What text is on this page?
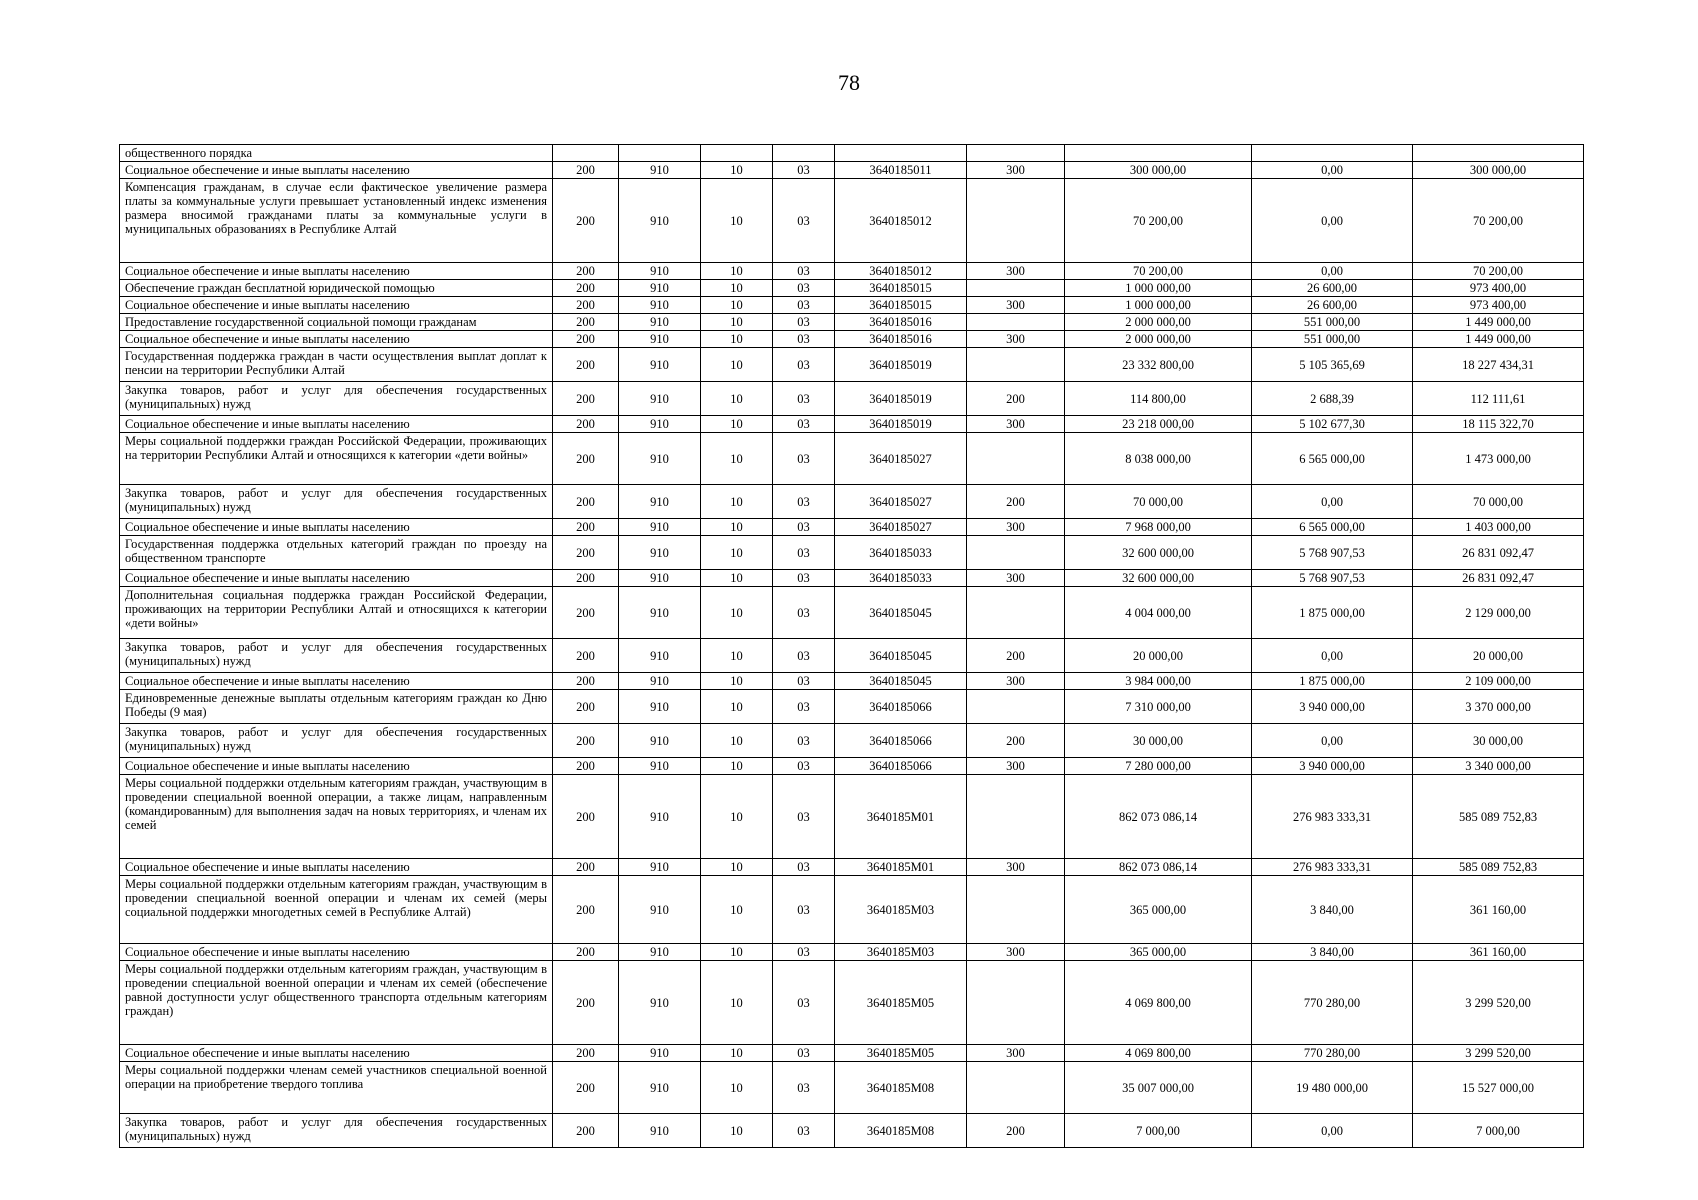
78
общественного порядка									
Социальное обеспечение и иные выплаты населению	200	910	10	03	3640185011	300	300 000,00	0,00	300 000,00
Компенсация гражданам, в случае если фактическое увеличение размера платы за коммунальные услуги превышает установленный индекс изменения размера вносимой гражданами платы за коммунальные услуги в муниципальных образованиях в Республике Алтай	200	910	10	03	3640185012		70 200,00	0,00	70 200,00
Социальное обеспечение и иные выплаты населению	200	910	10	03	3640185012	300	70 200,00	0,00	70 200,00
Обеспечение граждан бесплатной юридической помощью	200	910	10	03	3640185015		1 000 000,00	26 600,00	973 400,00
Социальное обеспечение и иные выплаты населению	200	910	10	03	3640185015	300	1 000 000,00	26 600,00	973 400,00
Предоставление государственной социальной помощи гражданам	200	910	10	03	3640185016		2 000 000,00	551 000,00	1 449 000,00
Социальное обеспечение и иные выплаты населению	200	910	10	03	3640185016	300	2 000 000,00	551 000,00	1 449 000,00
Государственная поддержка граждан в части осуществления выплат доплат к пенсии на территории Республики Алтай	200	910	10	03	3640185019		23 332 800,00	5 105 365,69	18 227 434,31
Закупка товаров, работ и услуг для обеспечения государственных (муниципальных) нужд	200	910	10	03	3640185019	200	114 800,00	2 688,39	112 111,61
Социальное обеспечение и иные выплаты населению	200	910	10	03	3640185019	300	23 218 000,00	5 102 677,30	18 115 322,70
Меры социальной поддержки граждан Российской Федерации, проживающих на территории Республики Алтай и относящихся к категории «дети войны»	200	910	10	03	3640185027		8 038 000,00	6 565 000,00	1 473 000,00
Закупка товаров, работ и услуг для обеспечения государственных (муниципальных) нужд	200	910	10	03	3640185027	200	70 000,00	0,00	70 000,00
Социальное обеспечение и иные выплаты населению	200	910	10	03	3640185027	300	7 968 000,00	6 565 000,00	1 403 000,00
Государственная поддержка отдельных категорий граждан по проезду на общественном транспорте	200	910	10	03	3640185033		32 600 000,00	5 768 907,53	26 831 092,47
Социальное обеспечение и иные выплаты населению	200	910	10	03	3640185033	300	32 600 000,00	5 768 907,53	26 831 092,47
Дополнительная социальная поддержка граждан Российской Федерации, проживающих на территории Республики Алтай и относящихся к категории «дети войны»	200	910	10	03	3640185045		4 004 000,00	1 875 000,00	2 129 000,00
Закупка товаров, работ и услуг для обеспечения государственных (муниципальных) нужд	200	910	10	03	3640185045	200	20 000,00	0,00	20 000,00
Социальное обеспечение и иные выплаты населению	200	910	10	03	3640185045	300	3 984 000,00	1 875 000,00	2 109 000,00
Единовременные денежные выплаты отдельным категориям граждан ко Дню Победы (9 мая)	200	910	10	03	3640185066		7 310 000,00	3 940 000,00	3 370 000,00
Закупка товаров, работ и услуг для обеспечения государственных (муниципальных) нужд	200	910	10	03	3640185066	200	30 000,00	0,00	30 000,00
Социальное обеспечение и иные выплаты населению	200	910	10	03	3640185066	300	7 280 000,00	3 940 000,00	3 340 000,00
Меры социальной поддержки отдельным категориям граждан, участвующим в проведении специальной военной операции, а также лицам, направленным (командированным) для выполнения задач на новых территориях, и членам их семей	200	910	10	03	3640185M01		862 073 086,14	276 983 333,31	585 089 752,83
Социальное обеспечение и иные выплаты населению	200	910	10	03	3640185M01	300	862 073 086,14	276 983 333,31	585 089 752,83
Меры социальной поддержки отдельным категориям граждан, участвующим в проведении специальной военной операции и членам их семей (меры социальной поддержки многодетных семей в Республике Алтай)	200	910	10	03	3640185M03		365 000,00	3 840,00	361 160,00
Социальное обеспечение и иные выплаты населению	200	910	10	03	3640185M03	300	365 000,00	3 840,00	361 160,00
Меры социальной поддержки отдельным категориям граждан, участвующим в проведении специальной военной операции и членам их семей (обеспечение равной доступности услуг общественного транспорта отдельным категориям граждан)	200	910	10	03	3640185M05		4 069 800,00	770 280,00	3 299 520,00
Социальное обеспечение и иные выплаты населению	200	910	10	03	3640185M05	300	4 069 800,00	770 280,00	3 299 520,00
Меры социальной поддержки членам семей участников специальной военной операции на приобретение твердого топлива	200	910	10	03	3640185M08		35 007 000,00	19 480 000,00	15 527 000,00
Закупка товаров, работ и услуг для обеспечения государственных (муниципальных) нужд	200	910	10	03	3640185M08	200	7 000,00	0,00	7 000,00
